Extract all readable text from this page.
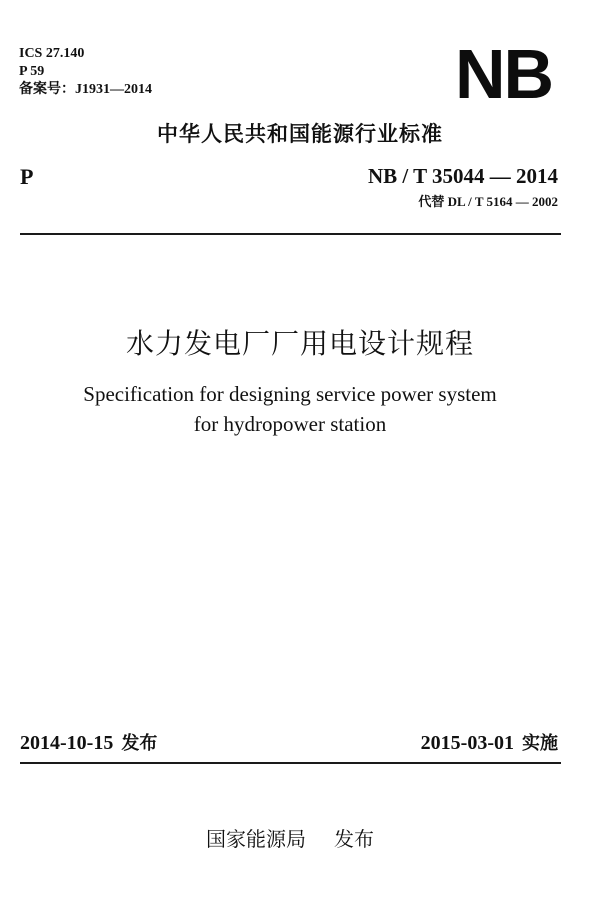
ICS 27.140
P 59
备案号：J1931—2014	NB
中华人民共和国能源行业标准
P	NB / T 35044 — 2014
代替 DL / T 5164 — 2002
水力发电厂厂用电设计规程
Specification for designing service power system
for hydropower station
2014-10-15 发布	2015-03-01 实施
国家能源局 发布
